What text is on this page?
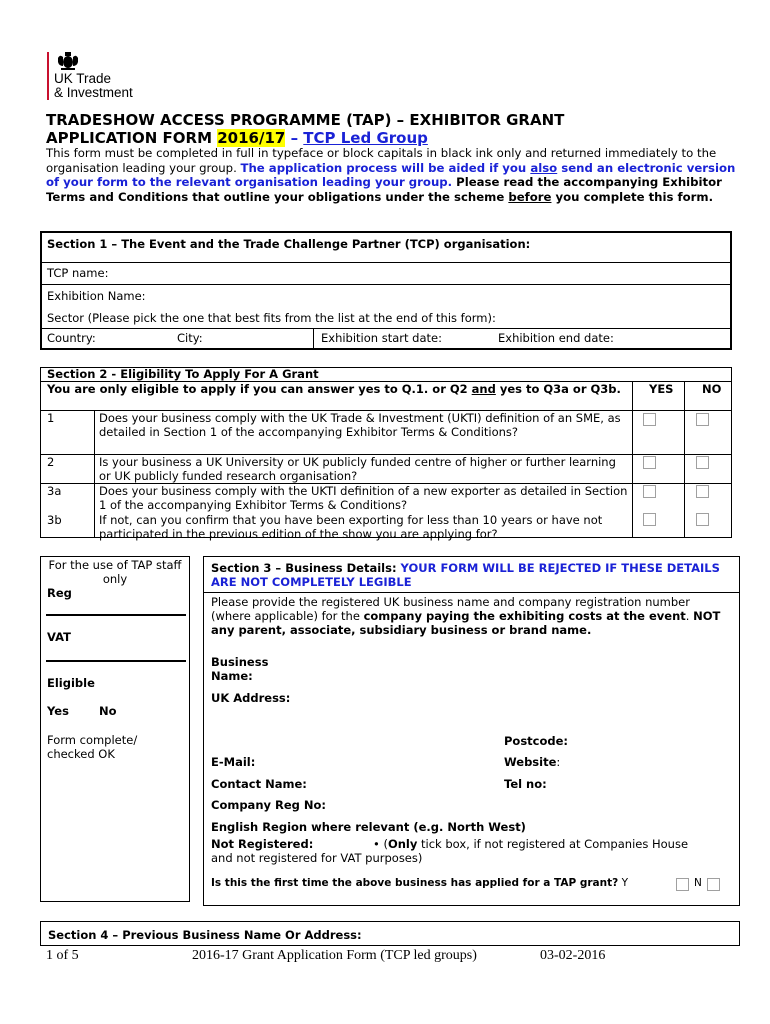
UK Trade
& Investment
TRADESHOW ACCESS PROGRAMME (TAP) – EXHIBITOR GRANT
APPLICATION FORM 2016/17 – TCP Led Group
This form must be completed in full in typeface or block capitals in black ink only and returned immediately to the organisation leading your group. The application process will be aided if you also send an electronic version of your form to the relevant organisation leading your group. Please read the accompanying Exhibitor Terms and Conditions that outline your obligations under the scheme before you complete this form.
Section 1 – The Event and the Trade Challenge Partner (TCP) organisation:
TCP name:
Exhibition Name:
Sector (Please pick the one that best fits from the list at the end of this form):
Country:	City:	Exhibition start date:	Exhibition end date:
Section 2 - Eligibility To Apply For A Grant
You are only eligible to apply if you can answer yes to Q.1. or Q2 and yes to Q3a or Q3b.	YES NO
1	Does your business comply with the UK Trade & Investment (UKTI) definition of an SME, as detailed in Section 1 of the accompanying Exhibitor Terms & Conditions?
2	Is your business a UK University or UK publicly funded centre of higher or further learning or UK publicly funded research organisation?
3a	Does your business comply with the UKTI definition of a new exporter as detailed in Section 1 of the accompanying Exhibitor Terms & Conditions?
3b	If not, can you confirm that you have been exporting for less than 10 years or have not participated in the previous edition of the show you are applying for?
For the use of TAP staff only
Reg
VAT
Eligible
Yes	No
Form complete/ checked OK
Section 3 – Business Details: YOUR FORM WILL BE REJECTED IF THESE DETAILS ARE NOT COMPLETELY LEGIBLE
Please provide the registered UK business name and company registration number (where applicable) for the company paying the exhibiting costs at the event. NOT any parent, associate, subsidiary business or brand name.
Business
Name:
UK Address:
Postcode:
E-Mail:	Website:
Contact Name:	Tel no:
Company Reg No:
English Region where relevant (e.g. North West)
Not Registered:	• (Only tick box, if not registered at Companies House
and not registered for VAT purposes)
Is this the first time the above business has applied for a TAP grant? Y	N
Section 4 – Previous Business Name Or Address:
1 of 5	2016-17 Grant Application Form (TCP led groups)	03-02-2016
